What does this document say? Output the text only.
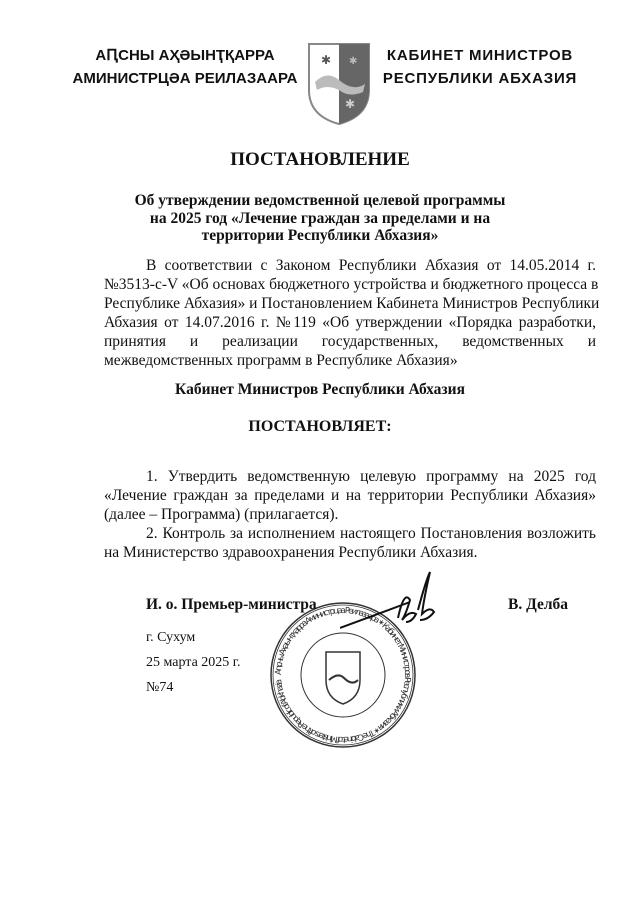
АԤСНЫ АҲӘЫНҬҚАРРА
АМИНИСТРЦӘА РЕИЛАЗААРА
✱ ✱
✱
КАБИНЕТ МИНИСТРОВ
РЕСПУБЛИКИ АБХАЗИЯ
ПОСТАНОВЛЕНИЕ
Об утверждении ведомственной целевой программы
на 2025 год «Лечение граждан за пределами и на
территории Республики Абхазия»
В соответствии с Законом Республики Абхазия от 14.05.2014 г.
№3513-с-V «Об основах бюджетного устройства и бюджетного процесса в
Республике Абхазия» и Постановлением Кабинета Министров Республики
Абхазия от 14.07.2016 г. №119 «Об утверждении «Порядка разработки,
принятия и реализации государственных, ведомственных и
межведомственных программ в Республике Абхазия»
Кабинет Министров Республики Абхазия
ПОСТАНОВЛЯЕТ:
1. Утвердить ведомственную целевую программу на 2025 год
«Лечение граждан за пределами и на территории Республики Абхазия»
(далее – Программа) (прилагается).
2. Контроль за исполнением настоящего Постановления возложить
на Министерство здравоохранения Республики Абхазия.
Аԥсны Аҳәынҭқарра Аминистрцәа Реилазаара ✶ Кабинет Министров Республики Абхазия ✶ The Cabinet of Ministers of the Republic of Abkhazia
И. о. Премьер-министра	В. Делба
г. Сухум
25 марта 2025 г.
№74
